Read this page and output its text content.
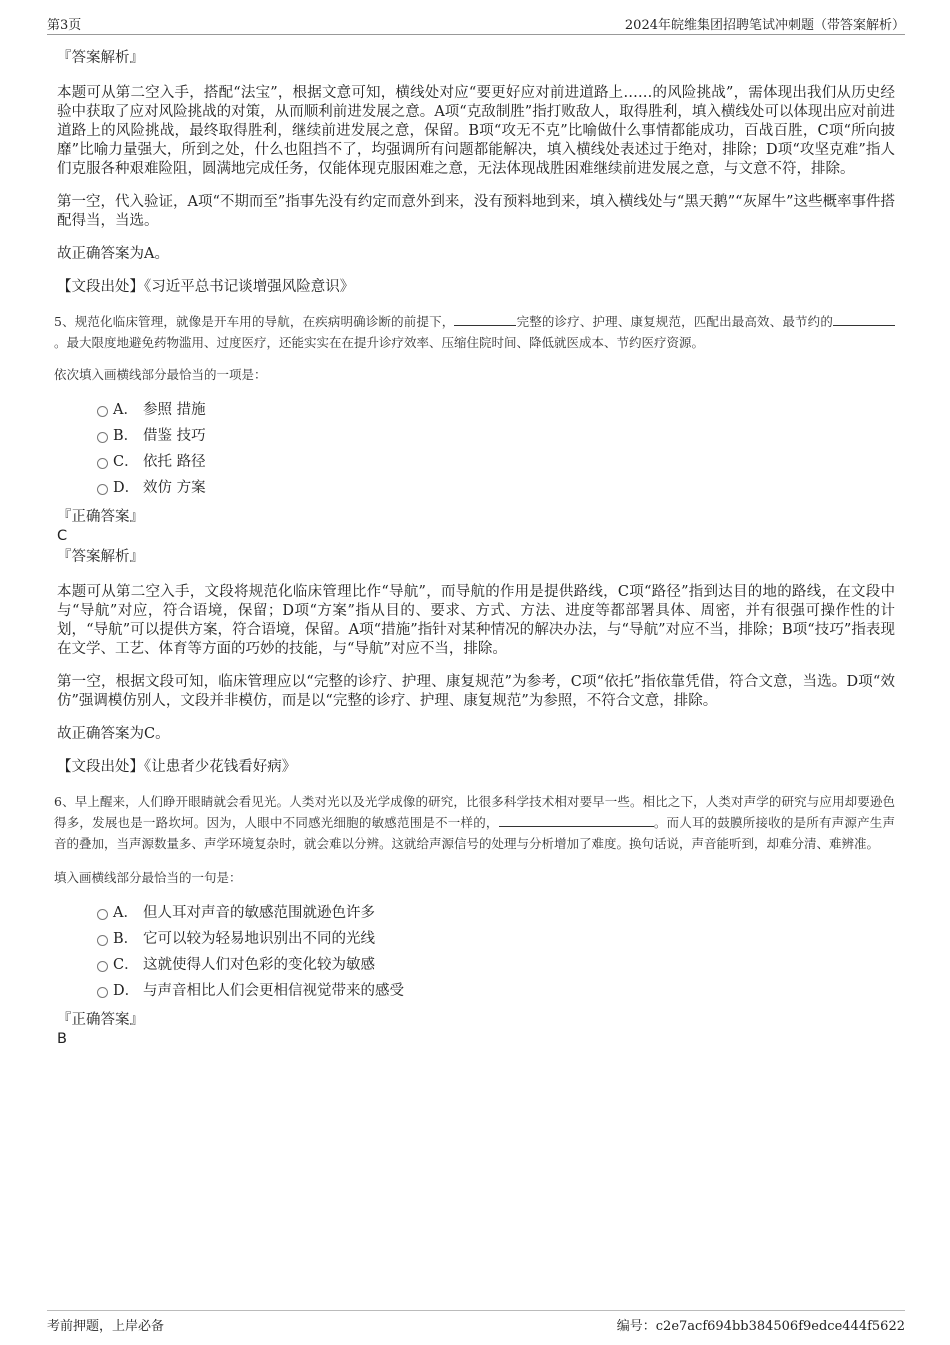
第3页	2024年皖维集团招聘笔试冲刺题（带答案解析）

『答案解析』

本题可从第二空入手，搭配“法宝”，根据文意可知，横线处对应“要更好应对前进道路上……的风险挑战”，需体现出我们从历史经验中获取了应对风险挑战的对策，从而顺利前进发展之意。A项“克敌制胜”指打败敌人，取得胜利，填入横线处可以体现出应对前进道路上的风险挑战，最终取得胜利，继续前进发展之意，保留。B项“攻无不克”比喻做什么事情都能成功，百战百胜，C项“所向披靡”比喻力量强大，所到之处，什么也阻挡不了，均强调所有问题都能解决，填入横线处表述过于绝对，排除；D项“攻坚克难”指人们克服各种艰难险阻，圆满地完成任务，仅能体现克服困难之意，无法体现战胜困难继续前进发展之意，与文意不符，排除。

第一空，代入验证，A项“不期而至”指事先没有约定而意外到来，没有预料地到来，填入横线处与“黑天鹅”“灰犀牛”这些概率事件搭配得当，当选。

故正确答案为A。

【文段出处】《习近平总书记谈增强风险意识》

5、规范化临床管理，就像是开车用的导航，在疾病明确诊断的前提下，	完整的诊疗、护理、康复规范，匹配出最高效、最节约的。最大限度地避免药物滥用、过度医疗，还能实实在在提升诊疗效率、压缩住院时间、降低就医成本、节约医疗资源。

依次填入画横线部分最恰当的一项是：

A． 参照 措施
B． 借鉴 技巧
C． 依托 路径
D． 效仿 方案

『正确答案』

C

『答案解析』

本题可从第二空入手，文段将规范化临床管理比作“导航”，而导航的作用是提供路线，C项“路径”指到达目的地的路线，在文段中与“导航”对应，符合语境，保留；D项“方案”指从目的、要求、方式、方法、进度等都部署具体、周密，并有很强可操作性的计划，“导航”可以提供方案，符合语境，保留。A项“措施”指针对某种情况的解决办法，与“导航”对应不当，排除；B项“技巧”指表现在文学、工艺、体育等方面的巧妙的技能，与“导航”对应不当，排除。

第一空，根据文段可知，临床管理应以“完整的诊疗、护理、康复规范”为参考，C项“依托”指依靠凭借，符合文意，当选。D项“效仿”强调模仿别人，文段并非模仿，而是以“完整的诊疗、护理、康复规范”为参照，不符合文意，排除。

故正确答案为C。

【文段出处】《让患者少花钱看好病》

6、早上醒来，人们睁开眼睛就会看见光。人类对光以及光学成像的研究，比很多科学技术相对要早一些。相比之下，人类对声学的研究与应用却要逊色得多，发展也是一路坎坷。因为，人眼中不同感光细胞的敏感范围是不一样的，	。而人耳的鼓膜所接收的是所有声源产生声音的叠加，当声源数量多、声学环境复杂时，就会难以分辨。这就给声源信号的处理与分析增加了难度。换句话说，声音能听到，却难分清、难辨准。

填入画横线部分最恰当的一句是：

A． 但人耳对声音的敏感范围就逊色许多
B． 它可以较为轻易地识别出不同的光线
C． 这就使得人们对色彩的变化较为敏感
D． 与声音相比人们会更相信视觉带来的感受

『正确答案』

B

考前押题，上岸必备	编号：c2e7acf694bb384506f9edce444f5622
